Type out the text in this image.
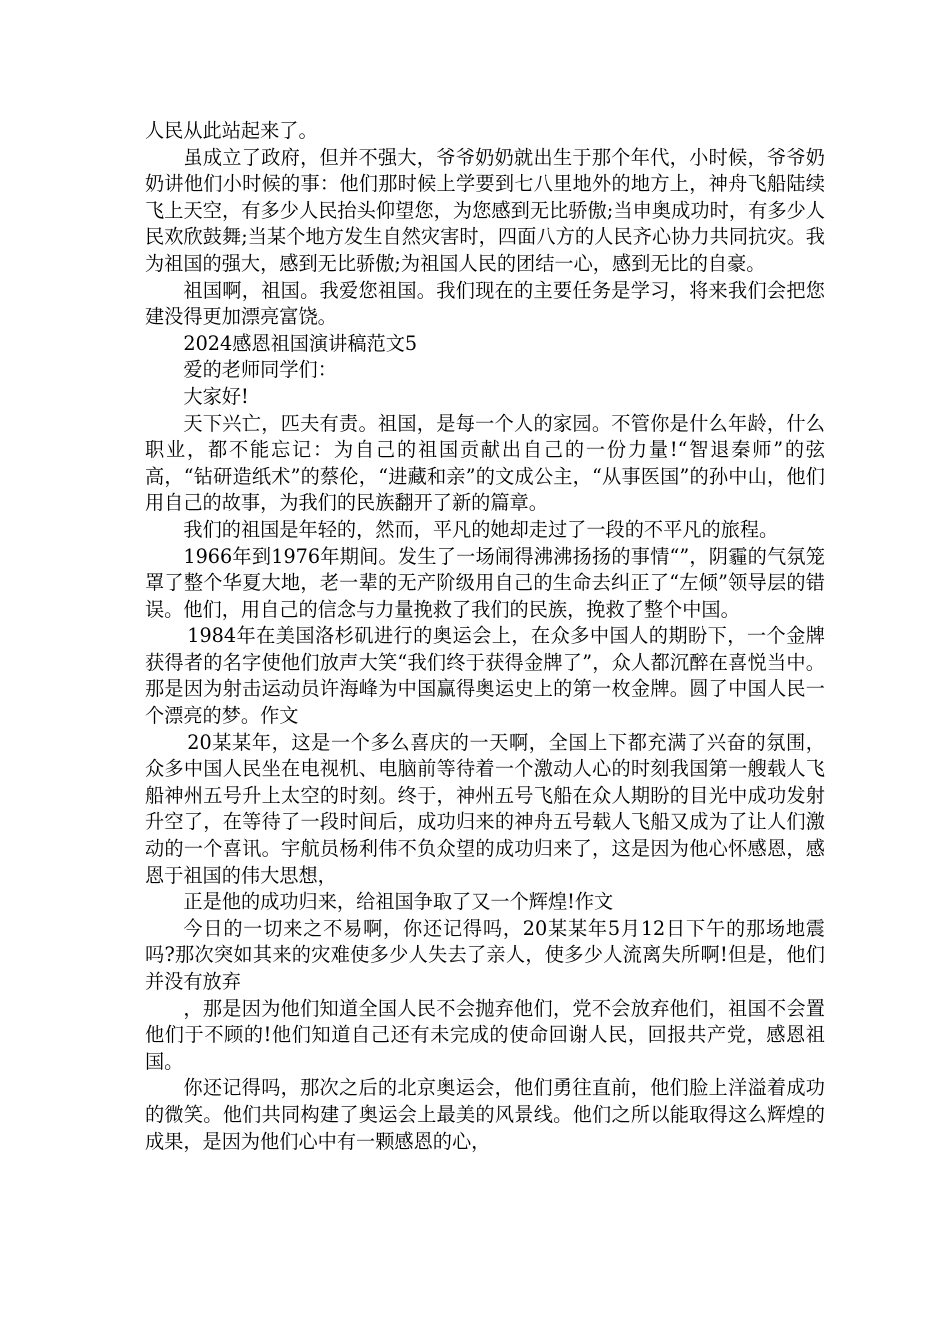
人民从此站起来了。

虽成立了政府，但并不强大，爷爷奶奶就出生于那个年代，小时候，爷爷奶奶讲他们小时候的事：他们那时候上学要到七八里地外的地方上，神舟飞船陆续飞上天空，有多少人民抬头仰望您，为您感到无比骄傲;当申奥成功时，有多少人民欢欣鼓舞;当某个地方发生自然灾害时，四面八方的人民齐心协力共同抗灾。我为祖国的强大，感到无比骄傲;为祖国人民的团结一心，感到无比的自豪。

祖国啊，祖国。我爱您祖国。我们现在的主要任务是学习，将来我们会把您建没得更加漂亮富饶。

2024感恩祖国演讲稿范文5

爱的老师同学们：

大家好!

天下兴亡，匹夫有责。祖国，是每一个人的家园。不管你是什么年龄，什么职业，都不能忘记：为自己的祖国贡献出自己的一份力量!“智退秦师”的弦高，“钻研造纸术”的蔡伦，“进藏和亲”的文成公主，“从事医国”的孙中山，他们用自己的故事，为我们的民族翻开了新的篇章。

我们的祖国是年轻的，然而，平凡的她却走过了一段的不平凡的旅程。

1966年到1976年期间。发生了一场闹得沸沸扬扬的事情“”，阴霾的气氛笼罩了整个华夏大地，老一辈的无产阶级用自己的生命去纠正了“左倾”领导层的错误。他们，用自己的信念与力量挽救了我们的民族，挽救了整个中国。

1984年在美国洛杉矶进行的奥运会上，在众多中国人的期盼下，一个金牌获得者的名字使他们放声大笑“我们终于获得金牌了”，众人都沉醉在喜悦当中。那是因为射击运动员许海峰为中国赢得奥运史上的第一枚金牌。圆了中国人民一个漂亮的梦。作文

20某某年，这是一个多么喜庆的一天啊，全国上下都充满了兴奋的氛围，众多中国人民坐在电视机、电脑前等待着一个激动人心的时刻我国第一艘载人飞船神州五号升上太空的时刻。终于，神州五号飞船在众人期盼的目光中成功发射升空了，在等待了一段时间后，成功归来的神舟五号载人飞船又成为了让人们激动的一个喜讯。宇航员杨利伟不负众望的成功归来了，这是因为他心怀感恩，感恩于祖国的伟大思想，

正是他的成功归来，给祖国争取了又一个辉煌!作文

今日的一切来之不易啊，你还记得吗，20某某年5月12日下午的那场地震吗?那次突如其来的灾难使多少人失去了亲人，使多少人流离失所啊!但是，他们并没有放弃

，那是因为他们知道全国人民不会抛弃他们，党不会放弃他们，祖国不会置他们于不顾的!他们知道自己还有未完成的使命回谢人民，回报共产党，感恩祖国。

你还记得吗，那次之后的北京奥运会，他们勇往直前，他们脸上洋溢着成功的微笑。他们共同构建了奥运会上最美的风景线。他们之所以能取得这么辉煌的成果，是因为他们心中有一颗感恩的心，
